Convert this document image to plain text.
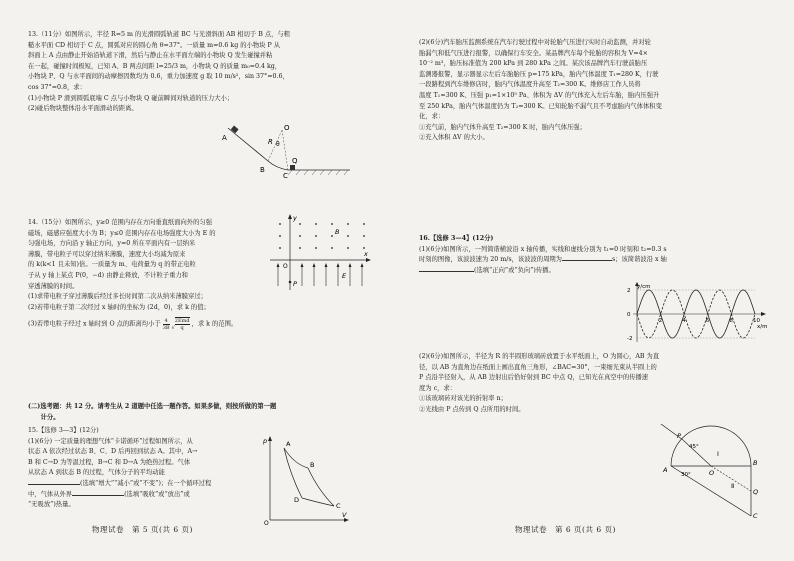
13.（11分）如图所示，半径 R=5 m 的光滑圆弧轨道 BC 与光滑斜面 AB 相切于 B 点，与粗

糙水平面 CD 相切于 C 点，圆弧对应的圆心角 θ=37°。一质量 m=0.6 kg 的小物块 P 从

斜面上 A 点由静止开始沿轨道下滑，然后与静止在水平面左端的小物块 Q 发生碰撞并粘

在一起，碰撞时间极短，已知 A、B 两点间距 l=25/3 m，小物块 Q 的质量 m₀=0.4 kg，

小物块 P、Q 与水平面间的动摩擦因数均为 0.6，重力加速度 g 取 10 m/s²，sin 37°=0.6，

cos 37°=0.8，求：

(1)小物块 P 滑到圆弧底端 C 点与小物块 Q 碰前瞬间对轨道的压力大小；

(2)碰后物块整体沿水平面滑动的距离。

A
B
R θ
C
Q
O

14.（15分）如图所示，y≥0 范围内存在方向垂直纸面向外的匀强

磁场，磁感应强度大小为 B；y≤0 范围内存在电场强度大小为 E 的

匀强电场，方向沿 y 轴正方向，y=0 所在平面内有一层纳米

薄膜，带电粒子可以穿过纳米薄膜，速度大小均减为原来

的 k(k<1 且未知)倍。一质量为 m、电荷量为 q 的带正电粒

子从 y 轴上某点 P(0，−d) 由静止释放，不计粒子重力和

穿透薄膜的时间。

(1)求带电粒子穿过薄膜后经过多长时间第二次从纳米薄膜穿过；

(2)若带电粒子第二次经过 x 轴时的坐标为 (2d，0)，求 k 的值；

(3)若带电粒子经过 x 轴时到 O 点的距离均小于 $\frac{4}{3B}$ √
2Emd
q
，求 k 的范围。

y
x
O
B
E
P

(二)选考题：共 12 分。请考生从 2 道题中任选一题作答。如果多做，则按所做的第一题

　　计分。

15.【选修 3—3】(12分)

(1)(6分) 一定质量的理想气体“卡诺循环”过程如图所示，从

状态 A 依次经过状态 B、C、D 后再回到状态 A。其中，A→

B 和 C→D 为等温过程，B→C 和 D→A 为绝热过程。气体

从状态 A 到状态 B 的过程，气体分子的平均动能

(选填“增大”“减小”或“不变”)；在一个循环过程

中，气体从外界	(选填“吸收”或“放出”或

“无吸放”)热量。

p
V
O
A
B
C
D
物理试卷　第 5 页(共 6 页)

(2)(6分)汽车胎压监测系统在汽车行驶过程中对轮胎气压进行实时自动监测，并对轮

胎漏气和低气压进行报警，以确保行车安全。某品牌汽车每个轮胎的容积为 V=4×

10⁻² m³，胎压标准值为 200 kPa 到 280 kPa 之间。某次该品牌汽车行驶前胎压

监测器报警，显示器显示左后车胎胎压 p=175 kPa，胎内气体温度 T₁=280 K，行驶

一段路程到汽车维修店时，胎内气体温度升高至 T₂=300 K。维修店工作人员将

温度 T₁=300 K、压强 p₁=1×10⁵ Pa、体积为 ΔV 的气体充入左后车胎，胎内压强升

至 250 kPa，胎内气体温度仍为 T₂=300 K。已知轮胎不漏气且不考虑胎内气体体积变

化，求：

①充气前，胎内气体升高至 T₂=300 K 时，胎内气体压强；

②充入体积 ΔV 的大小。

16.【选修 3—4】(12分)

(1)(6分)如图所示，一列简谐横波沿 x 轴传播，实线和虚线分别为 t₁=0 时刻和 t₂=0.3 s

时刻的图像，该波波速为 20 m/s，该波波的周期为	s；该简谐波沿 x 轴

(选填“正向”或“负向”)传播。

2	4	6	8	10
2
0
-2
y/cm
x/m

(2)(6分)如图所示，半径为 R 的半圆形玻璃砖放置于水平纸面上，O 为圆心，AB 为直

径，以 AB 为直角边在纸面上画出直角三角形，∠BAC=30°，一束细光束从半圆上的

P 点沿半径射入，从 AB 边射出后恰好射到 BC 中点 Q，已知光在真空中的传播速

度为 c，求：

①该玻璃砖对该光的折射率 n；

②光线由 P 点传到 Q 点所用的时间。

P
A	O
B
Q
C
45°
30°
I
Ⅱ
物理试卷　第 6 页(共 6 页)
